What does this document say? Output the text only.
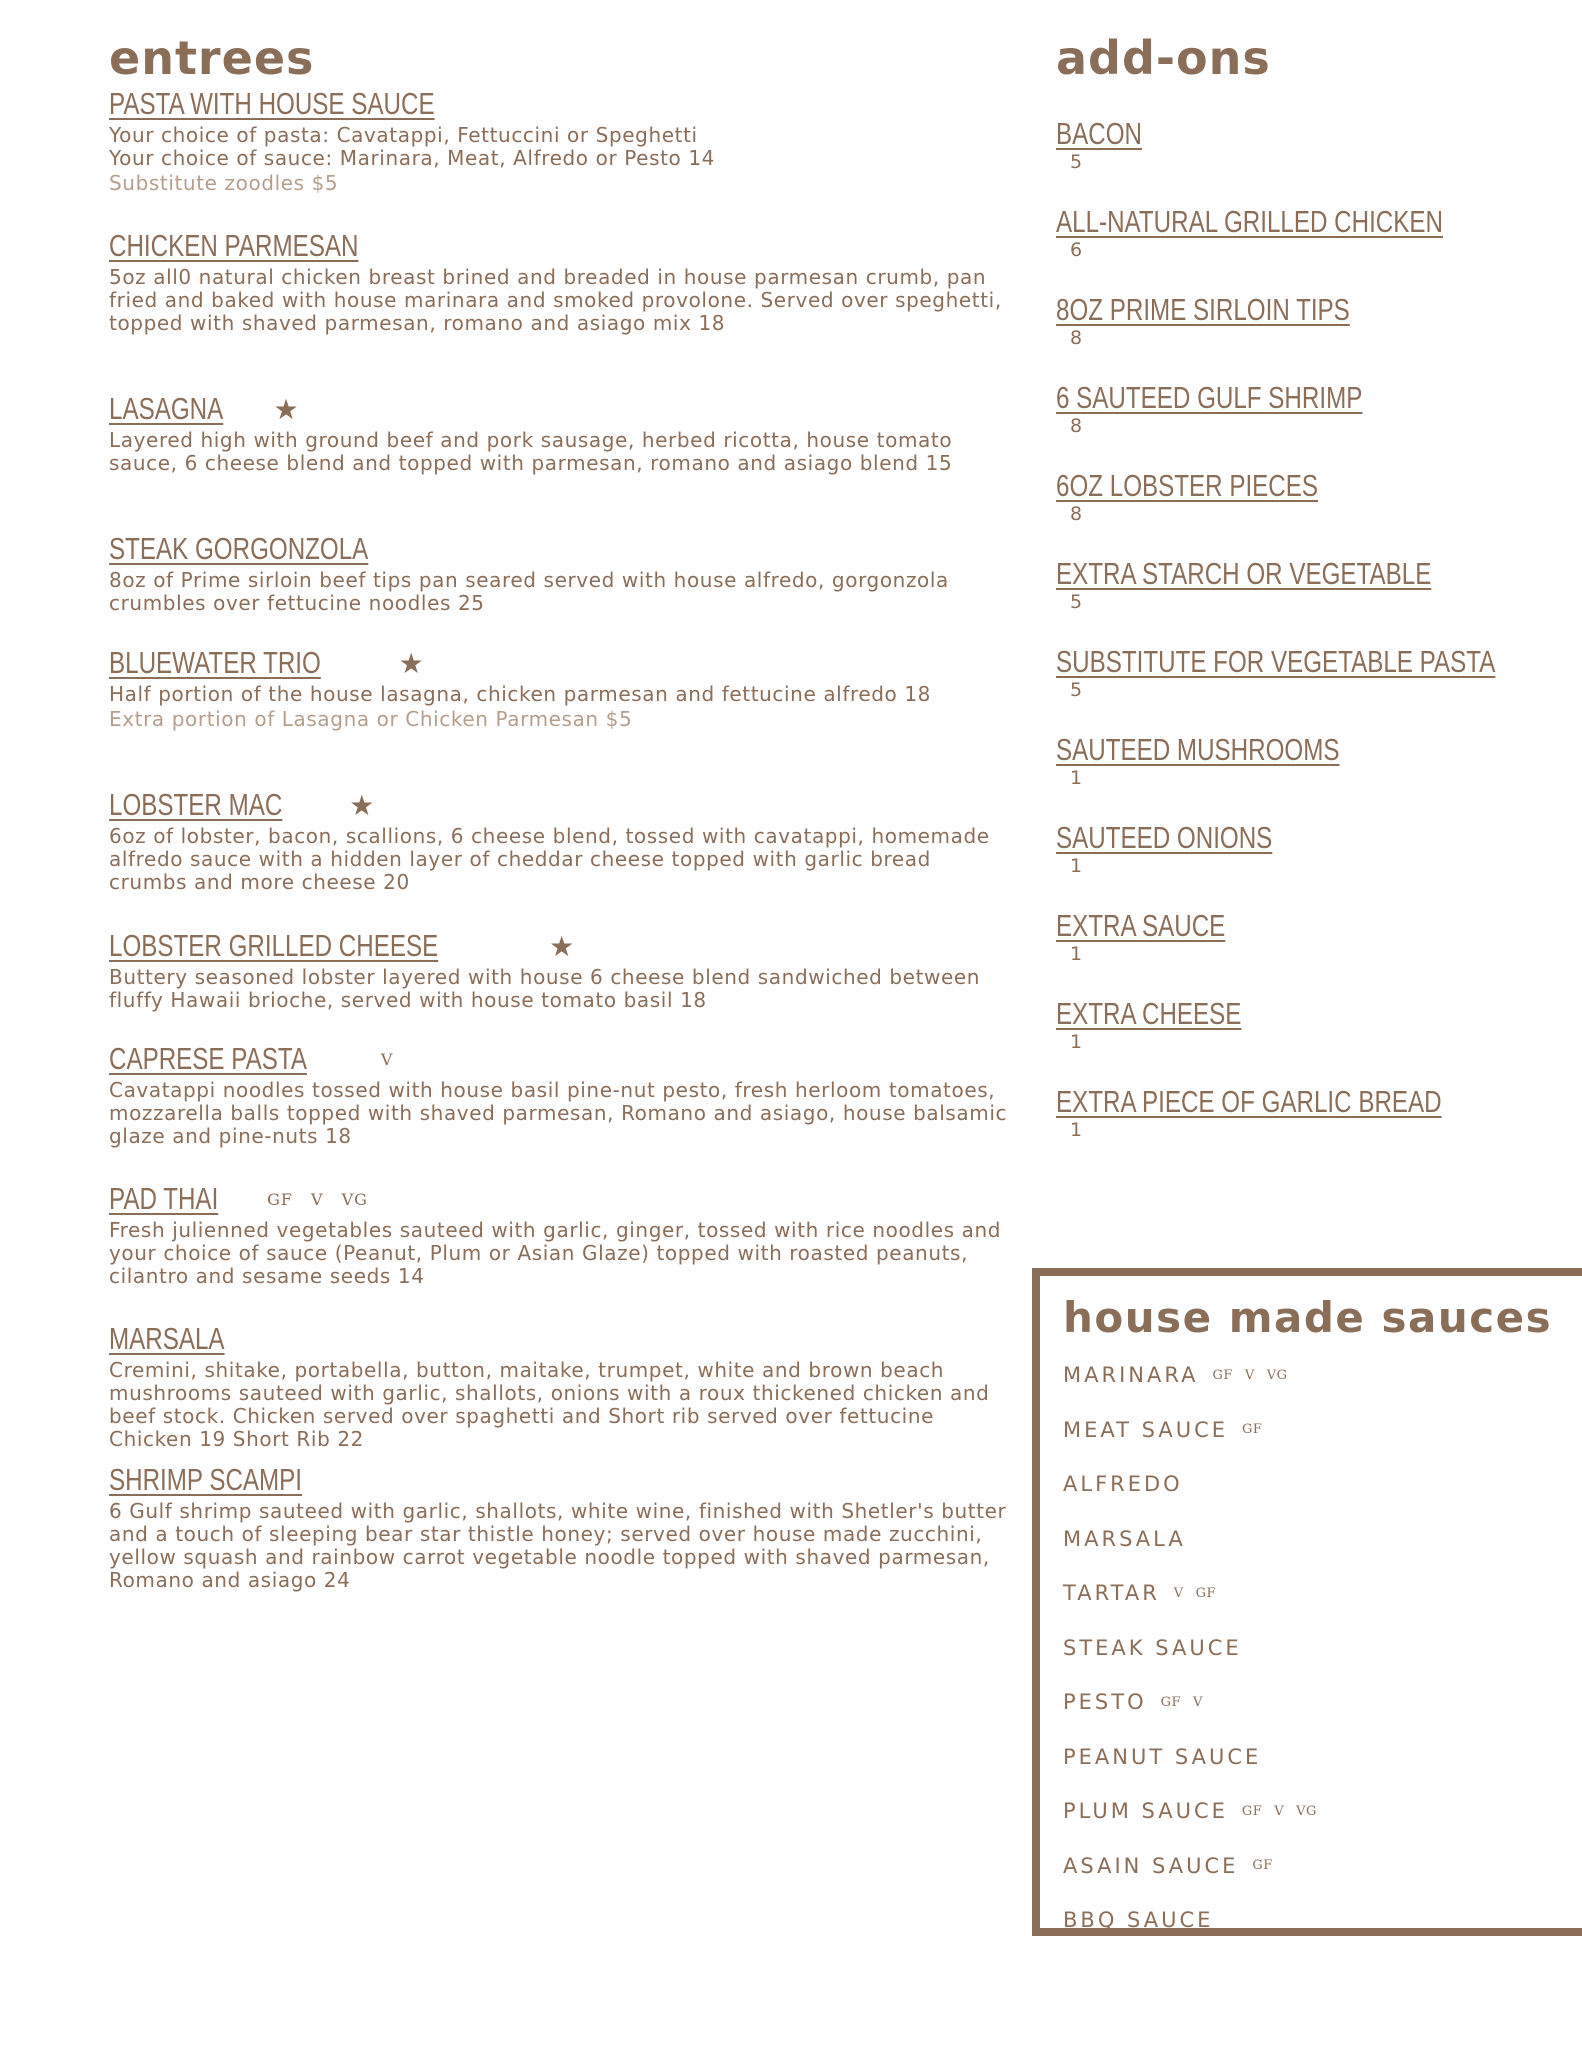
entrees
PASTA WITH HOUSE SAUCE
Your choice of pasta: Cavatappi, Fettuccini or Speghetti
Your choice of sauce: Marinara, Meat, Alfredo or Pesto 14
Substitute zoodles $5
CHICKEN PARMESAN
5oz all0 natural chicken breast brined and breaded in house parmesan crumb, pan fried and baked with house marinara and smoked provolone. Served over speghetti, topped with shaved parmesan, romano and asiago mix 18
LASAGNA	★
Layered high with ground beef and pork sausage, herbed ricotta, house tomato sauce, 6 cheese blend and topped with parmesan, romano and asiago blend 15
STEAK GORGONZOLA
8oz of Prime sirloin beef tips pan seared served with house alfredo, gorgonzola crumbles over fettucine noodles 25
BLUEWATER TRIO	★
Half portion of the house lasagna, chicken parmesan and fettucine alfredo 18
Extra portion of Lasagna or Chicken Parmesan $5
LOBSTER MAC	★
6oz of lobster, bacon, scallions, 6 cheese blend, tossed with cavatappi, homemade alfredo sauce with a hidden layer of cheddar cheese topped with garlic bread crumbs and more cheese 20
LOBSTER GRILLED CHEESE	★
Buttery seasoned lobster layered with house 6 cheese blend sandwiched between fluffy Hawaii brioche, served with house tomato basil 18
CAPRESE PASTA	V
Cavatappi noodles tossed with house basil pine-nut pesto, fresh herloom tomatoes, mozzarella balls topped with shaved parmesan, Romano and asiago, house balsamic glaze and pine-nuts 18
PAD THAI	GF V VG
Fresh julienned vegetables sauteed with garlic, ginger, tossed with rice noodles and your choice of sauce (Peanut, Plum or Asian Glaze) topped with roasted peanuts, cilantro and sesame seeds 14
MARSALA
Cremini, shitake, portabella, button, maitake, trumpet, white and brown beach mushrooms sauteed with garlic, shallots, onions with a roux thickened chicken and beef stock. Chicken served over spaghetti and Short rib served over fettucine Chicken 19 Short Rib 22
SHRIMP SCAMPI
6 Gulf shrimp sauteed with garlic, shallots, white wine, finished with Shetler's butter and a touch of sleeping bear star thistle honey; served over house made zucchini, yellow squash and rainbow carrot vegetable noodle topped with shaved parmesan, Romano and asiago 24
add-ons
BACON
5
ALL-NATURAL GRILLED CHICKEN
6
8OZ PRIME SIRLOIN TIPS
8
6 SAUTEED GULF SHRIMP
8
6OZ LOBSTER PIECES
8
EXTRA STARCH OR VEGETABLE
5
SUBSTITUTE FOR VEGETABLE PASTA
5
SAUTEED MUSHROOMS
1
SAUTEED ONIONS
1
EXTRA SAUCE
1
EXTRA CHEESE
1
EXTRA PIECE OF GARLIC BREAD
1
house made sauces
MARINARA GF V VG
MEAT SAUCE GF
ALFREDO
MARSALA
TARTAR V GF
STEAK SAUCE
PESTO GF V
PEANUT SAUCE
PLUM SAUCE GF V VG
ASAIN SAUCE GF
BBQ SAUCE
